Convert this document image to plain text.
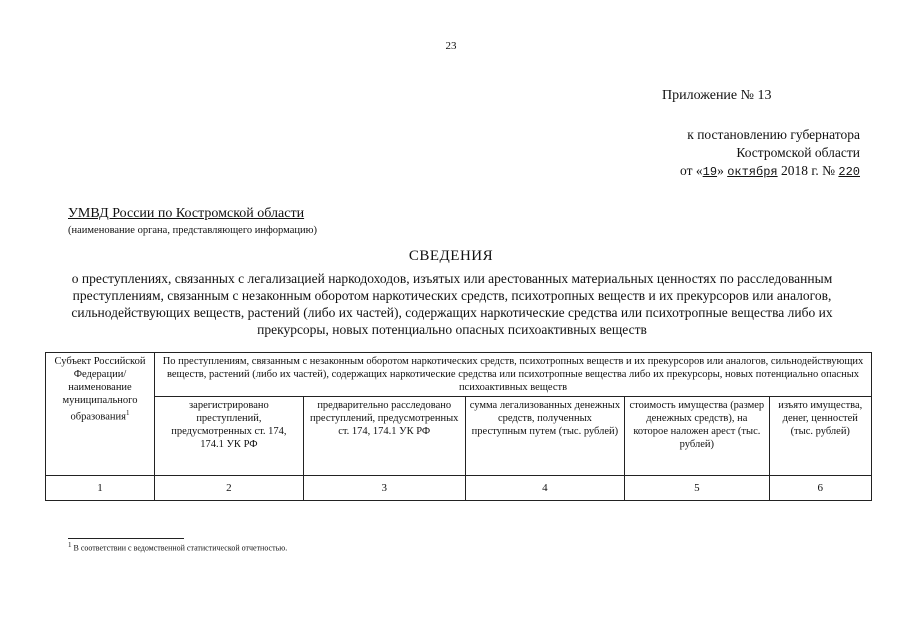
23
Приложение № 13
к постановлению губернатора
Костромской области
от «19» октября 2018 г. № 220
УМВД России по Костромской области
(наименование органа, представляющего информацию)
СВЕДЕНИЯ
о преступлениях, связанных с легализацией наркодоходов, изъятых или арестованных материальных ценностях по расследованным преступлениям, связанным с незаконным оборотом наркотических средств, психотропных веществ и их прекурсоров или аналогов, сильнодействующих веществ, растений (либо их частей), содержащих наркотические средства или психотропные вещества либо их прекурсоры, новых потенциально опасных психоактивных веществ
Субъект Российской Федерации/ наименование муниципального образования$^1$	По преступлениям, связанным с незаконным оборотом наркотических средств, психотропных веществ и их прекурсоров или аналогов, сильнодействующих веществ, растений (либо их частей), содержащих наркотические средства или психотропные вещества либо их прекурсоры, новых потенциально опасных психоактивных веществ				
	зарегистрировано преступлений, предусмотренных ст. 174, 174.1 УК РФ	предварительно расследовано преступлений, предусмотренных ст. 174, 174.1 УК РФ	сумма легализованных денежных средств, полученных преступным путем (тыс. рублей)	стоимость имущества (размер денежных средств), на которое наложен арест (тыс. рублей)	изъято имущества, денег, ценностей (тыс. рублей)
1	2	3	4	5	6
$^1$ В соответствии с ведомственной статистической отчетностью.
